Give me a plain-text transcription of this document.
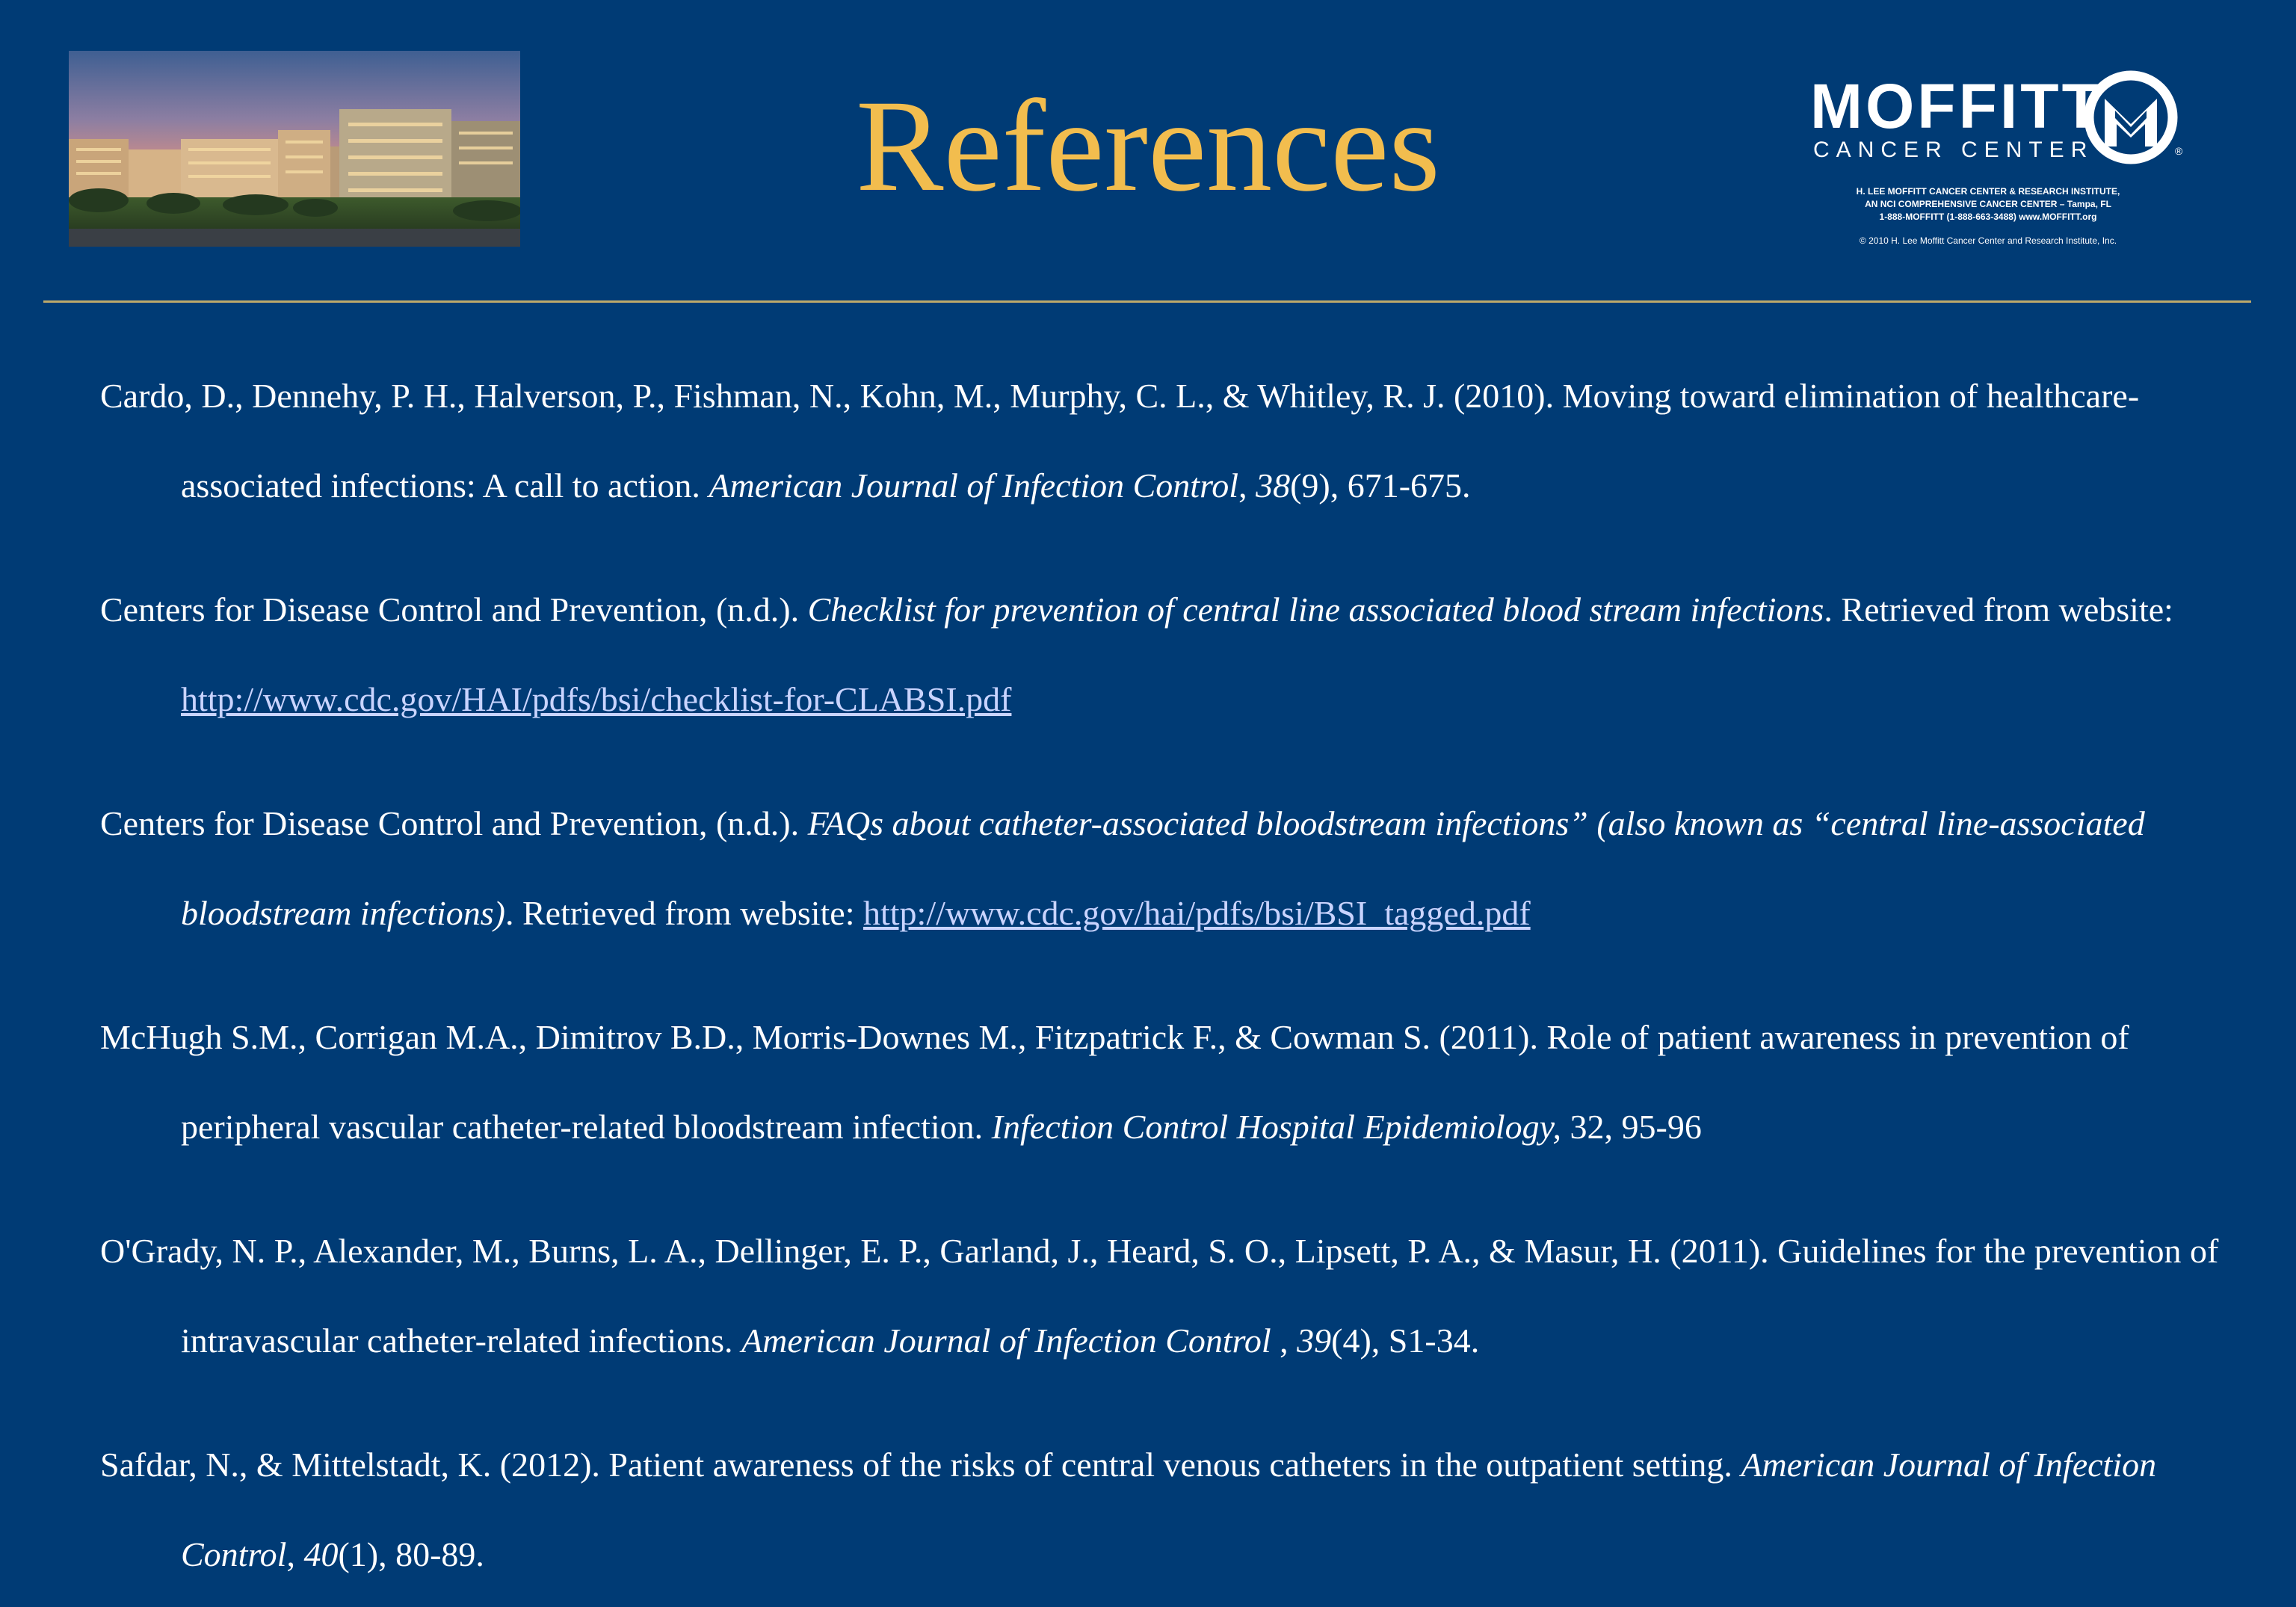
References	MOFFITT
CANCER CENTER	®
H. LEE MOFFITT CANCER CENTER & RESEARCH INSTITUTE,
AN NCI COMPREHENSIVE CANCER CENTER – Tampa, FL
1-888-MOFFITT (1-888-663-3488) www.MOFFITT.org
© 2010 H. Lee Moffitt Cancer Center and Research Institute, Inc.

Cardo, D., Dennehy, P. H., Halverson, P., Fishman, N., Kohn, M., Murphy, C. L., & Whitley, R. J. (2010). Moving toward elimination of healthcare-associated infections: A call to action. American Journal of Infection Control, 38(9), 671-675.

Centers for Disease Control and Prevention, (n.d.). Checklist for prevention of central line associated blood stream infections. Retrieved from website: http://www.cdc.gov/HAI/pdfs/bsi/checklist-for-CLABSI.pdf

Centers for Disease Control and Prevention, (n.d.). FAQs about catheter-associated bloodstream infections” (also known as “central line-associated bloodstream infections). Retrieved from website: http://www.cdc.gov/hai/pdfs/bsi/BSI_tagged.pdf

McHugh S.M., Corrigan M.A., Dimitrov B.D., Morris-Downes M., Fitzpatrick F., & Cowman S. (2011). Role of patient awareness in prevention of peripheral vascular catheter-related bloodstream infection. Infection Control Hospital Epidemiology, 32, 95-96

O'Grady, N. P., Alexander, M., Burns, L. A., Dellinger, E. P., Garland, J., Heard, S. O., Lipsett, P. A., & Masur, H. (2011). Guidelines for the prevention of intravascular catheter-related infections. American Journal of Infection Control , 39(4), S1-34.

Safdar, N., & Mittelstadt, K. (2012). Patient awareness of the risks of central venous catheters in the outpatient setting. American Journal of Infection Control, 40(1), 80-89.
